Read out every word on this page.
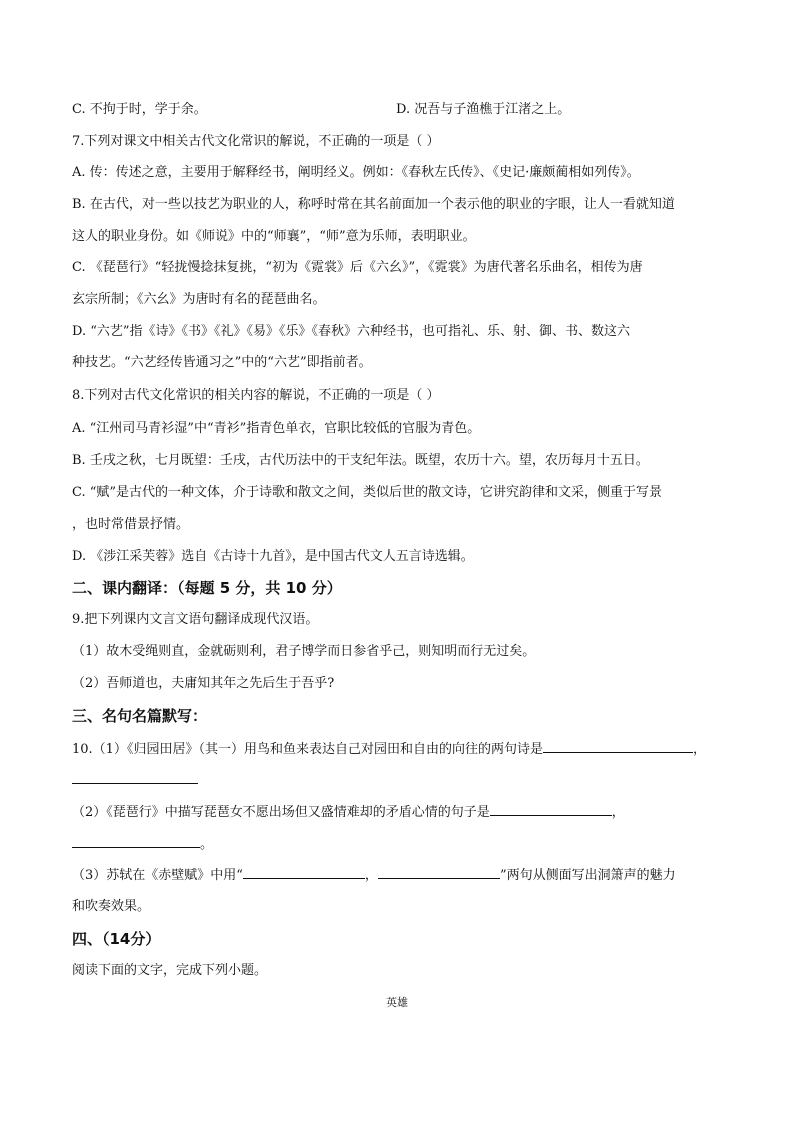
C. 不拘于时，学于余。	D. 况吾与子渔樵于江渚之上。
7.下列对课文中相关古代文化常识的解说，不正确的一项是（ ）
A. 传：传述之意，主要用于解释经书，阐明经义。例如：《春秋左氏传》、《史记·廉颇蔺相如列传》。
B. 在古代，对一些以技艺为职业的人，称呼时常在其名前面加一个表示他的职业的字眼，让人一看就知道
这人的职业身份。如《师说》中的“师襄”，“师”意为乐师，表明职业。
C. 《琵琶行》“轻拢慢捻抹复挑，“初为《霓裳》后《六幺》”，《霓裳》为唐代著名乐曲名，相传为唐
玄宗所制；《六幺》为唐时有名的琵琶曲名。
D. “六艺”指《诗》《书》《礼》《易》《乐》《春秋》六种经书，也可指礼、乐、射、御、书、数这六
种技艺。“六艺经传皆通习之”中的“六艺”即指前者。
8.下列对古代文化常识的相关内容的解说，不正确的一项是（ ）
A. “江州司马青衫湿”中“青衫”指青色单衣，官职比较低的官服为青色。
B. 壬戌之秋，七月既望：壬戌，古代历法中的干支纪年法。既望，农历十六。望，农历每月十五日。
C. “赋”是古代的一种文体，介于诗歌和散文之间，类似后世的散文诗，它讲究韵律和文采，侧重于写景
，也时常借景抒情。
D. 《涉江采芙蓉》选自《古诗十九首》，是中国古代文人五言诗选辑。
二、课内翻译：（每题 5 分，共 10 分）
9.把下列课内文言文语句翻译成现代汉语。
（1）故木受绳则直，金就砺则利，君子博学而日参省乎己，则知明而行无过矣。
（2）吾师道也，夫庸知其年之先后生于吾乎?
三、名句名篇默写：
10.（1）《归园田居》（其一）用鸟和鱼来表达自己对园田和自由的向往的两句诗是	，
（2）《琵琶行》中描写琵琶女不愿出场但又盛情难却的矛盾心情的句子是	，
。
（3）苏轼在《赤壁赋》中用“	，	”两句从侧面写出洞箫声的魅力
和吹奏效果。
四、（14分）
阅读下面的文字，完成下列小题。
英雄
